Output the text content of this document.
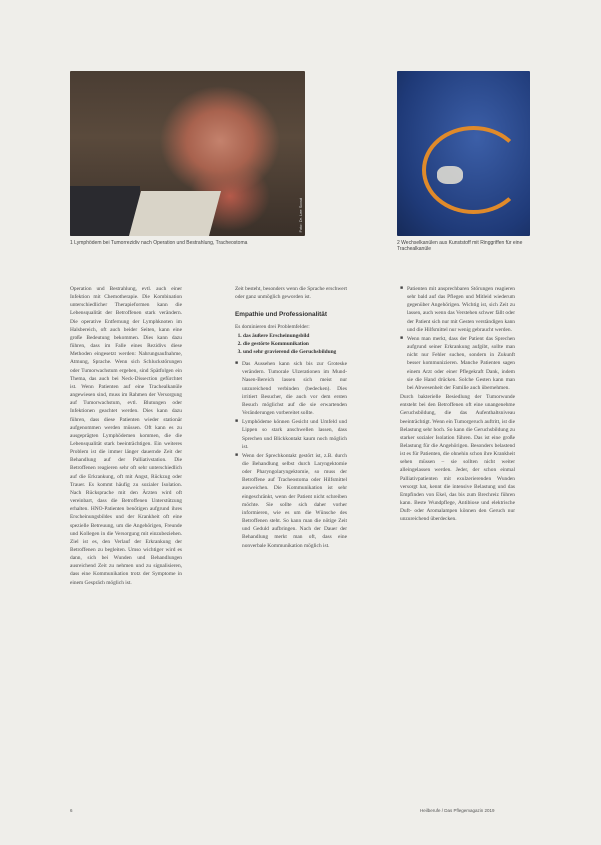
Foto: Dr. Lee Scout
1 Lymphödem bei Tumorrezidiv nach Operation und Bestrahlung, Tracheostoma	2 Wechselkanülen aus Kunststoff mit Ringgriffen für eine Trachealkanüle

Operation und Bestrahlung, evtl. auch einer Infektion mit Chemotherapie. Die Kombination unterschiedlicher Therapieformen kann die Lebensqualität der Betroffenen stark verändern. Die operative Entfernung der Lymphknoten im Halsbereich, oft auch beider Seiten, kann eine große Bedeutung bekommen. Dies kann dazu führen, dass im Falle eines Rezidivs diese Methoden eingesetzt werden: Nahrungsaufnahme, Atmung, Sprache. Wenn sich Schluckstörungen oder Tumorwachstum ergeben, sind Spätfolgen ein Thema, das auch bei Neck-Dissection gefürchtet ist. Wenn Patienten auf eine Trachealkanüle angewiesen sind, muss im Rahmen der Versorgung auf Tumorwachstum, evtl. Blutungen oder Infektionen geachtet werden. Dies kann dazu führen, dass diese Patienten wieder stationär aufgenommen werden müssen. Oft kann es zu ausgeprägten Lymphödemen kommen, die die Lebensqualität stark beeinträchtigen. Ein weiteres Problem ist die immer länger dauernde Zeit der Behandlung auf der Palliativstation. Die Betroffenen reagieren sehr oft sehr unterschiedlich auf die Erkrankung, oft mit Angst, Rückzug oder Trauer. Es kommt häufig zu sozialer Isolation. Nach Rücksprache mit den Ärzten wird oft vereinbart, dass die Betroffenen Unterstützung erhalten. HNO-Patienten benötigen aufgrund ihres Erscheinungsbildes und der Krankheit oft eine spezielle Betreuung, um die Angehörigen, Freunde und Kollegen in die Versorgung mit einzubeziehen. Ziel ist es, den Verlauf der Erkrankung der Betroffenen zu begleiten. Umso wichtiger wird es dann, sich bei Wunden und Behandlungen ausreichend Zeit zu nehmen und zu signalisieren, dass eine Kommunikation trotz der Symptome in einem Gespräch möglich ist.

Zeit besteht, besonders wenn die Sprache erschwert oder ganz unmöglich geworden ist.

Empathie und Professionalität

Es dominieren drei Problemfelder:

1. das äußere Erscheinungsbild
2. die gestörte Kommunikation
3. und sehr gravierend die Geruchsbildung
■ Das Aussehen kann sich bis zur Groteske verändern. Tumorale Ulzerationen im Mund-Nasen-Bereich lassen sich meist nur unzureichend verbinden (bedecken). Dies irritiert Besucher, die auch vor dem ersten Besuch möglichst auf die sie erwartenden Veränderungen vorbereitet sollte.
■ Lymphödeme können Gesicht und Umfeld und Lippen so stark anschwellen lassen, dass Sprechen und Blickkontakt kaum noch möglich ist.
■ Wenn der Sprechkontakt gestört ist, z.B. durch die Behandlung selbst durch Laryngektomie oder Pharyngolaryngektomie, so muss der Betroffene auf Tracheostoma oder Hilfsmittel ausweichen. Die Kommunikation ist sehr eingeschränkt, wenn der Patient nicht schreiben möchte. Sie sollte sich daher vorher informieren, wie es um die Wünsche des Betroffenen steht. So kann man die nötige Zeit und Geduld aufbringen. Nach der Dauer der Behandlung merkt man oft, dass eine nonverbale Kommunikation möglich ist.
■ Patienten mit ansprechbaren Störungen reagieren sehr bald auf das Pflegen und Mitleid wiederum gegenüber Angehörigen. Wichtig ist, sich Zeit zu lassen, auch wenn das Verstehen schwer fällt oder der Patient sich nur mit Gesten verständigen kann und die Hilfsmittel nur wenig gebraucht werden.
■ Wenn man merkt, dass der Patient das Sprechen aufgrund seiner Erkrankung aufgibt, sollte man nicht nur Fehler suchen, sondern in Zukunft besser kommunizieren. Manche Patienten sagen einem Arzt oder einer Pflegekraft Dank, indem sie die Hand drücken. Solche Gesten kann man bei Abwesenheit der Familie auch übernehmen.

Durch bakterielle Besiedlung der Tumorwunde entsteht bei den Betroffenen oft eine unangenehme Geruchsbildung, die das Aufenthaltsniveau beeinträchtigt. Wenn ein Tumorgeruch auftritt, ist die Belastung sehr hoch. So kann die Geruchsbildung zu starker sozialer Isolation führen. Das ist eine große Belastung für die Angehörigen. Besonders belastend ist es für Patienten, die ohnehin schon ihre Krankheit sehen müssen – sie sollten nicht weiter alleingelassen werden. Jeder, der schon einmal Palliativpatienten mit exulzerierenden Wunden versorgt hat, kennt die intensive Belastung und das Empfinden von Ekel, das bis zum Brechreiz führen kann. Beste Wundpflege, Antibiose und elektrische Duft- oder Aromalampen können den Geruch nur unzureichend überdecken.

6	Heilberufe / Das Pflegemagazin 2019
